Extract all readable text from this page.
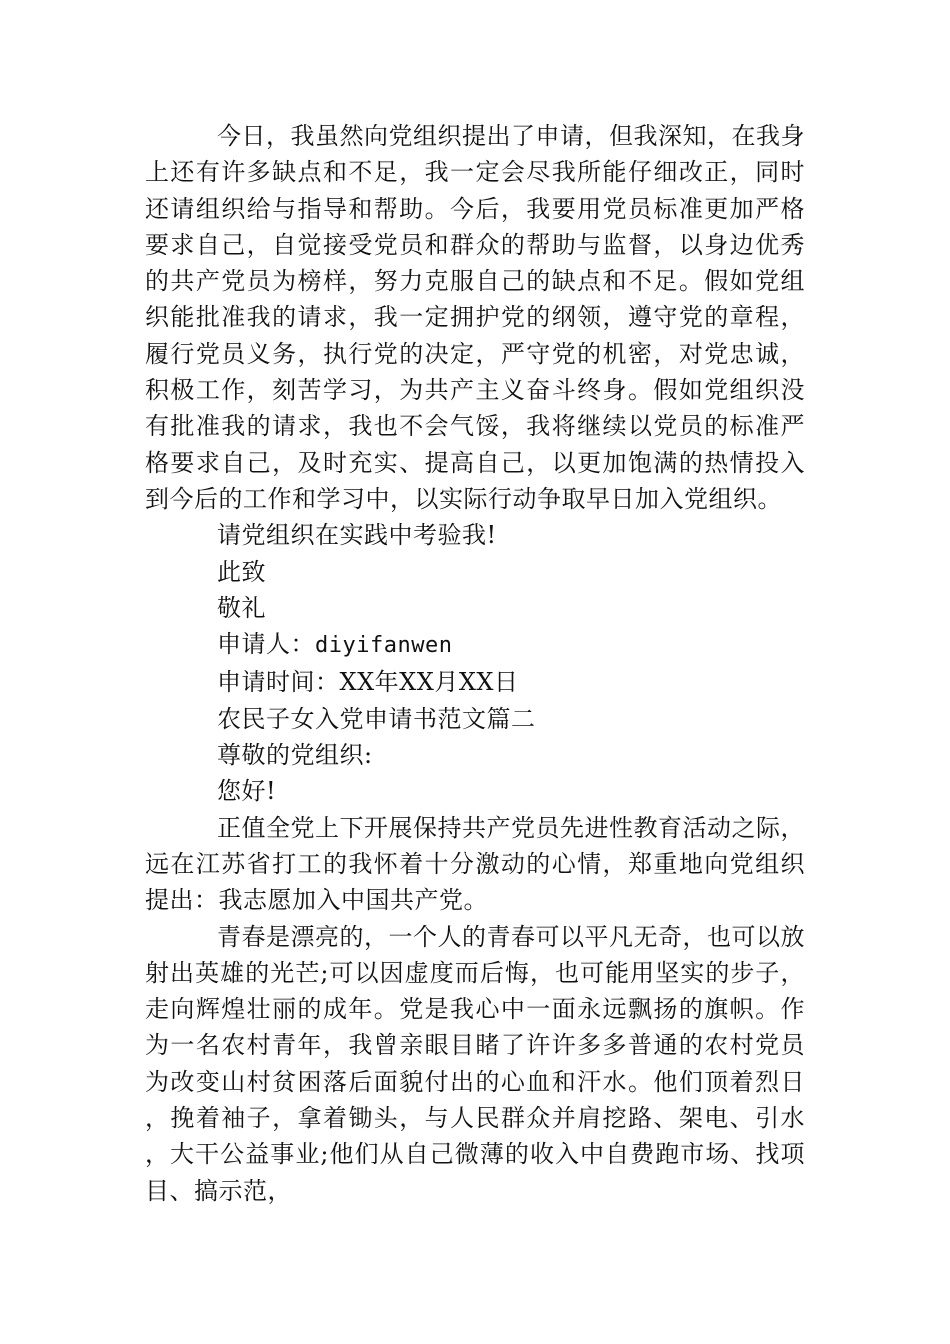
今日，我虽然向党组织提出了申请，但我深知，在我身上还有许多缺点和不足，我一定会尽我所能仔细改正，同时还请组织给与指导和帮助。今后，我要用党员标准更加严格要求自己，自觉接受党员和群众的帮助与监督，以身边优秀的共产党员为榜样，努力克服自己的缺点和不足。假如党组织能批准我的请求，我一定拥护党的纲领，遵守党的章程，履行党员义务，执行党的决定，严守党的机密，对党忠诚，积极工作，刻苦学习，为共产主义奋斗终身。假如党组织没有批准我的请求，我也不会气馁，我将继续以党员的标准严格要求自己，及时充实、提高自己，以更加饱满的热情投入到今后的工作和学习中，以实际行动争取早日加入党组织。

请党组织在实践中考验我!

此致

敬礼

申请人：diyifanwen

申请时间：XX年XX月XX日

农民子女入党申请书范文篇二

尊敬的党组织:

您好!

正值全党上下开展保持共产党员先进性教育活动之际，远在江苏省打工的我怀着十分激动的心情，郑重地向党组织提出：我志愿加入中国共产党。

青春是漂亮的，一个人的青春可以平凡无奇，也可以放射出英雄的光芒;可以因虚度而后悔，也可能用坚实的步子，走向辉煌壮丽的成年。党是我心中一面永远飘扬的旗帜。作为一名农村青年，我曾亲眼目睹了许许多多普通的农村党员为改变山村贫困落后面貌付出的心血和汗水。他们顶着烈日，挽着袖子，拿着锄头，与人民群众并肩挖路、架电、引水，大干公益事业;他们从自己微薄的收入中自费跑市场、找项目、搞示范，
